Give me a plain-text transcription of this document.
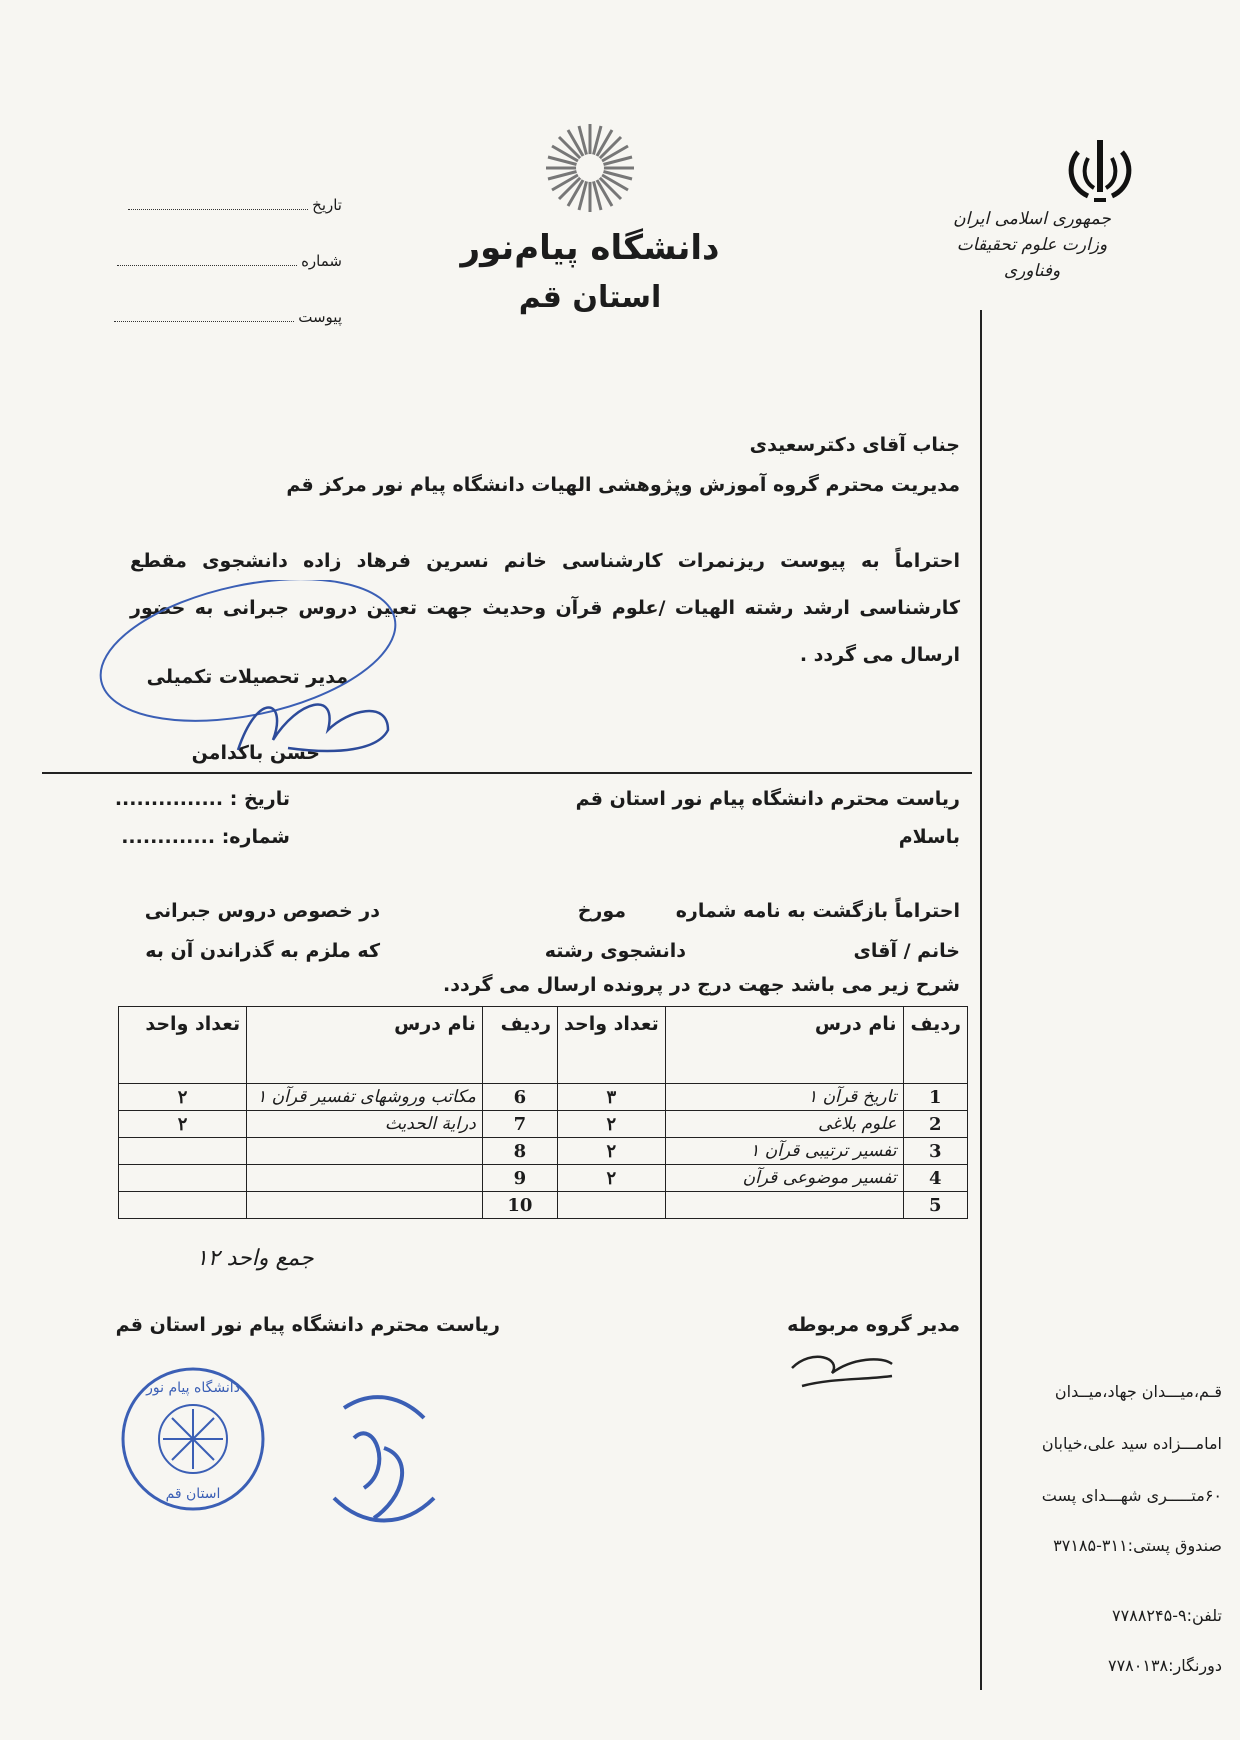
جمهوری اسلامی ایران
وزارت علوم تحقیقات وفناوری
دانشگاه پیام‌نور
استان قم
تاریخ
شماره
پیوست
جناب آقای دکترسعیدی
مدیریت محترم گروه آموزش وپژوهشی الهیات دانشگاه پیام نور مرکز قم
احتراماً به پیوست ریزنمرات کارشناسی خانم نسرین فرهاد زاده دانشجوی مقطع کارشناسی ارشد رشته الهیات /علوم قرآن وحدیث جهت تعیین دروس جبرانی به حضور ارسال می گردد .
مدیر تحصیلات تکمیلی
حسن باکدامن
ریاست محترم دانشگاه پیام نور استان قم
باسلام
تاریخ : ...............
شماره: .............
احتراماً بازگشت به نامه شماره
مورخ
در خصوص دروس جبرانی
خانم / آقای
دانشجوی رشته
که ملزم به گذراندن آن به
شرح زیر می باشد جهت درج در پرونده ارسال می گردد.
ردیف	نام درس	تعداد واحد	ردیف	نام درس	تعداد واحد
1	تاریخ قرآن ۱	۳	6	مکاتب وروشهای تفسیر قرآن ۱	۲
2	علوم بلاغی	۲	7	درایة الحدیث	۲
3	تفسیر ترتیبی قرآن ۱	۲	8		
4	تفسیر موضوعی قرآن	۲	9		
5			10		
جمع واحد ۱۲
مدیر گروه مربوطه
ریاست محترم دانشگاه پیام نور استان قم
دانشگاه پیام نور
استان قم
قـم،میـــدان جهاد،میــدان
امامـــزاده سید علی،خیابان
۶۰متـــــری شهـــدای پست
صندوق پستی:۳۱۱-۳۷۱۸۵
تلفن:۹-۷۷۸۸۲۴۵
دورنگار:۷۷۸۰۱۳۸
